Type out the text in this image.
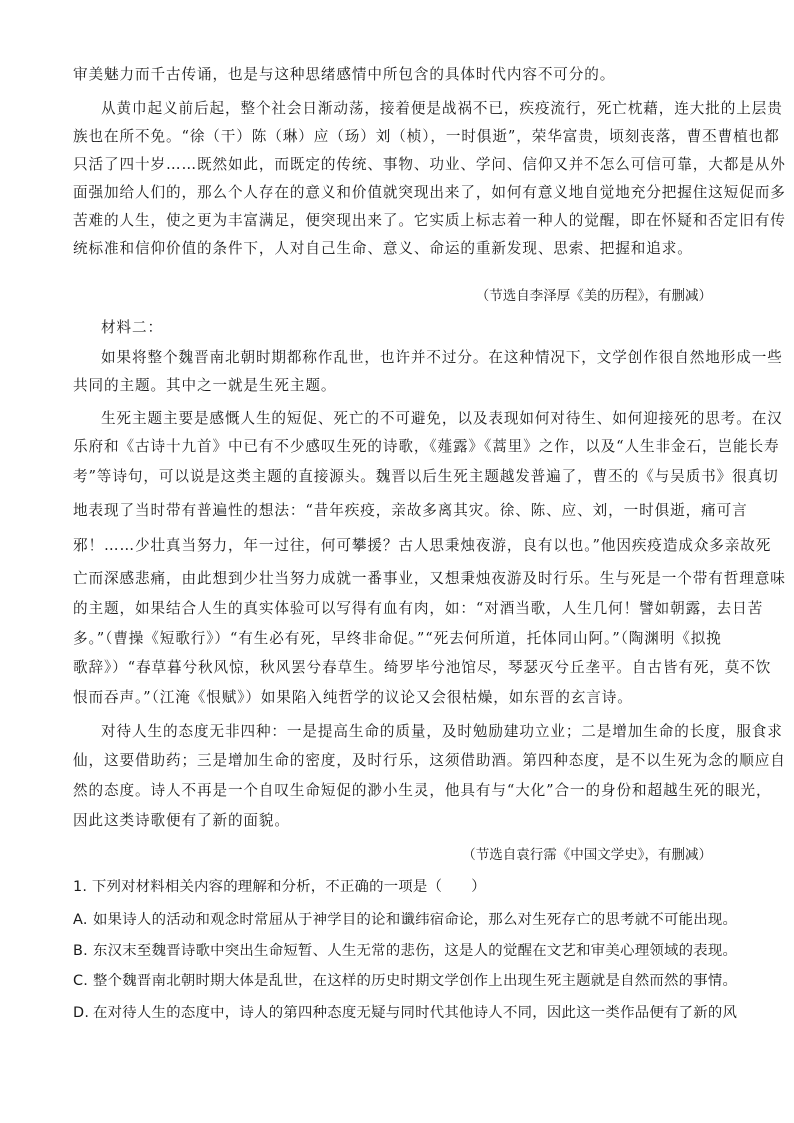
审美魅力而千古传诵，也是与这种思绪感情中所包含的具体时代内容不可分的。
从黄巾起义前后起，整个社会日渐动荡，接着便是战祸不已，疾疫流行，死亡枕藉，连大批的上层贵
族也在所不免。“徐（干）陈（琳）应（玚）刘（桢），一时俱逝”，荣华富贵，顷刻丧落，曹丕曹植也都
只活了四十岁……既然如此，而既定的传统、事物、功业、学问、信仰又并不怎么可信可靠，大都是从外
面强加给人们的，那么个人存在的意义和价值就突现出来了，如何有意义地自觉地充分把握住这短促而多
苦难的人生，使之更为丰富满足，便突现出来了。它实质上标志着一种人的觉醒，即在怀疑和否定旧有传
统标准和信仰价值的条件下，人对自己生命、意义、命运的重新发现、思索、把握和追求。
（节选自李泽厚《美的历程》，有删减）
材料二：
如果将整个魏晋南北朝时期都称作乱世，也许并不过分。在这种情况下，文学创作很自然地形成一些
共同的主题。其中之一就是生死主题。
生死主题主要是感慨人生的短促、死亡的不可避免，以及表现如何对待生、如何迎接死的思考。在汉
乐府和《古诗十九首》中已有不少感叹生死的诗歌，《薤露》《蒿里》之作，以及“人生非金石，岂能长寿
考”等诗句，可以说是这类主题的直接源头。魏晋以后生死主题越发普遍了，曹丕的《与吴质书》很真切
地表现了当时带有普遍性的想法：“昔年疾疫，亲故多离其灾。徐、陈、应、刘，一时俱逝，痛可言
邪！……少壮真当努力，年一过往，何可攀援？古人思秉烛夜游，良有以也。”他因疾疫造成众多亲故死
亡而深感悲痛，由此想到少壮当努力成就一番事业，又想秉烛夜游及时行乐。生与死是一个带有哲理意味
的主题，如果结合人生的真实体验可以写得有血有肉，如：“对酒当歌，人生几何！譬如朝露，去日苦
多。”（曹操《短歌行》）“有生必有死，早终非命促。”“死去何所道，托体同山阿。”（陶渊明《拟挽
歌辞》）“春草暮兮秋风惊，秋风罢兮春草生。绮罗毕兮池馆尽，琴瑟灭兮丘垄平。自古皆有死，莫不饮
恨而吞声。”（江淹《恨赋》）如果陷入纯哲学的议论又会很枯燥，如东晋的玄言诗。
对待人生的态度无非四种：一是提高生命的质量，及时勉励建功立业；二是增加生命的长度，服食求
仙，这要借助药；三是增加生命的密度，及时行乐，这须借助酒。第四种态度，是不以生死为念的顺应自
然的态度。诗人不再是一个自叹生命短促的渺小生灵，他具有与“大化”合一的身份和超越生死的眼光，
因此这类诗歌便有了新的面貌。
（节选自袁行霈《中国文学史》，有删减）
1. 下列对材料相关内容的理解和分析，不正确的一项是（　　）
A. 如果诗人的活动和观念时常屈从于神学目的论和谶纬宿命论，那么对生死存亡的思考就不可能出现。
B. 东汉末至魏晋诗歌中突出生命短暂、人生无常的悲伤，这是人的觉醒在文艺和审美心理领域的表现。
C. 整个魏晋南北朝时期大体是乱世，在这样的历史时期文学创作上出现生死主题就是自然而然的事情。
D. 在对待人生的态度中，诗人的第四种态度无疑与同时代其他诗人不同，因此这一类作品便有了新的风
